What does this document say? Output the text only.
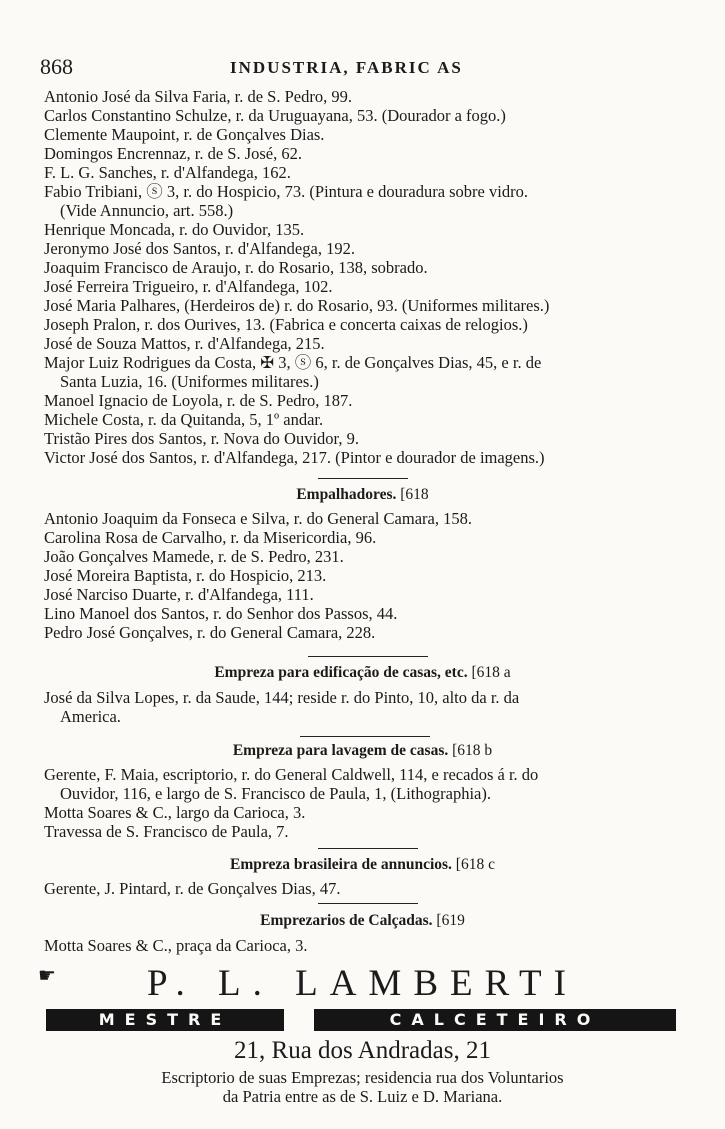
868	INDUSTRIA, FABRIC AS
Antonio José da Silva Faria, r. de S. Pedro, 99.
Carlos Constantino Schulze, r. da Uruguayana, 53. (Dourador a fogo.)
Clemente Maupoint, r. de Gonçalves Dias.
Domingos Encrennaz, r. de S. José, 62.
F. L. G. Sanches, r. d'Alfandega, 162.
Fabio Tribiani, ⓢ 3, r. do Hospicio, 73. (Pintura e douradura sobre vidro.
(Vide Annuncio, art. 558.)
Henrique Moncada, r. do Ouvidor, 135.
Jeronymo José dos Santos, r. d'Alfandega, 192.
Joaquim Francisco de Araujo, r. do Rosario, 138, sobrado.
José Ferreira Trigueiro, r. d'Alfandega, 102.
José Maria Palhares, (Herdeiros de) r. do Rosario, 93. (Uniformes militares.)
Joseph Pralon, r. dos Ourives, 13. (Fabrica e concerta caixas de relogios.)
José de Souza Mattos, r. d'Alfandega, 215.
Major Luiz Rodrigues da Costa, ✠ 3, ⓢ 6, r. de Gonçalves Dias, 45, e r. de
Santa Luzia, 16. (Uniformes militares.)
Manoel Ignacio de Loyola, r. de S. Pedro, 187.
Michele Costa, r. da Quitanda, 5, 1º andar.
Tristão Pires dos Santos, r. Nova do Ouvidor, 9.
Victor José dos Santos, r. d'Alfandega, 217. (Pintor e dourador de imagens.)
Empalhadores. [618
Antonio Joaquim da Fonseca e Silva, r. do General Camara, 158.
Carolina Rosa de Carvalho, r. da Misericordia, 96.
João Gonçalves Mamede, r. de S. Pedro, 231.
José Moreira Baptista, r. do Hospicio, 213.
José Narciso Duarte, r. d'Alfandega, 111.
Lino Manoel dos Santos, r. do Senhor dos Passos, 44.
Pedro José Gonçalves, r. do General Camara, 228.
Empreza para edificação de casas, etc. [618 a
José da Silva Lopes, r. da Saude, 144; reside r. do Pinto, 10, alto da r. da
America.
Empreza para lavagem de casas. [618 b
Gerente, F. Maia, escriptorio, r. do General Caldwell, 114, e recados á r. do
Ouvidor, 116, e largo de S. Francisco de Paula, 1, (Lithographia).
Motta Soares & C., largo da Carioca, 3.
Travessa de S. Francisco de Paula, 7.
Empreza brasileira de annuncios. [618 c
Gerente, J. Pintard, r. de Gonçalves Dias, 47.
Emprezarios de Calçadas. [619
Motta Soares & C., praça da Carioca, 3.
☛	P. L. LAMBERTI
MESTRE	CALCETEIRO
21, Rua dos Andradas, 21
Escriptorio de suas Emprezas; residencia rua dos Voluntarios
da Patria entre as de S. Luiz e D. Mariana.
